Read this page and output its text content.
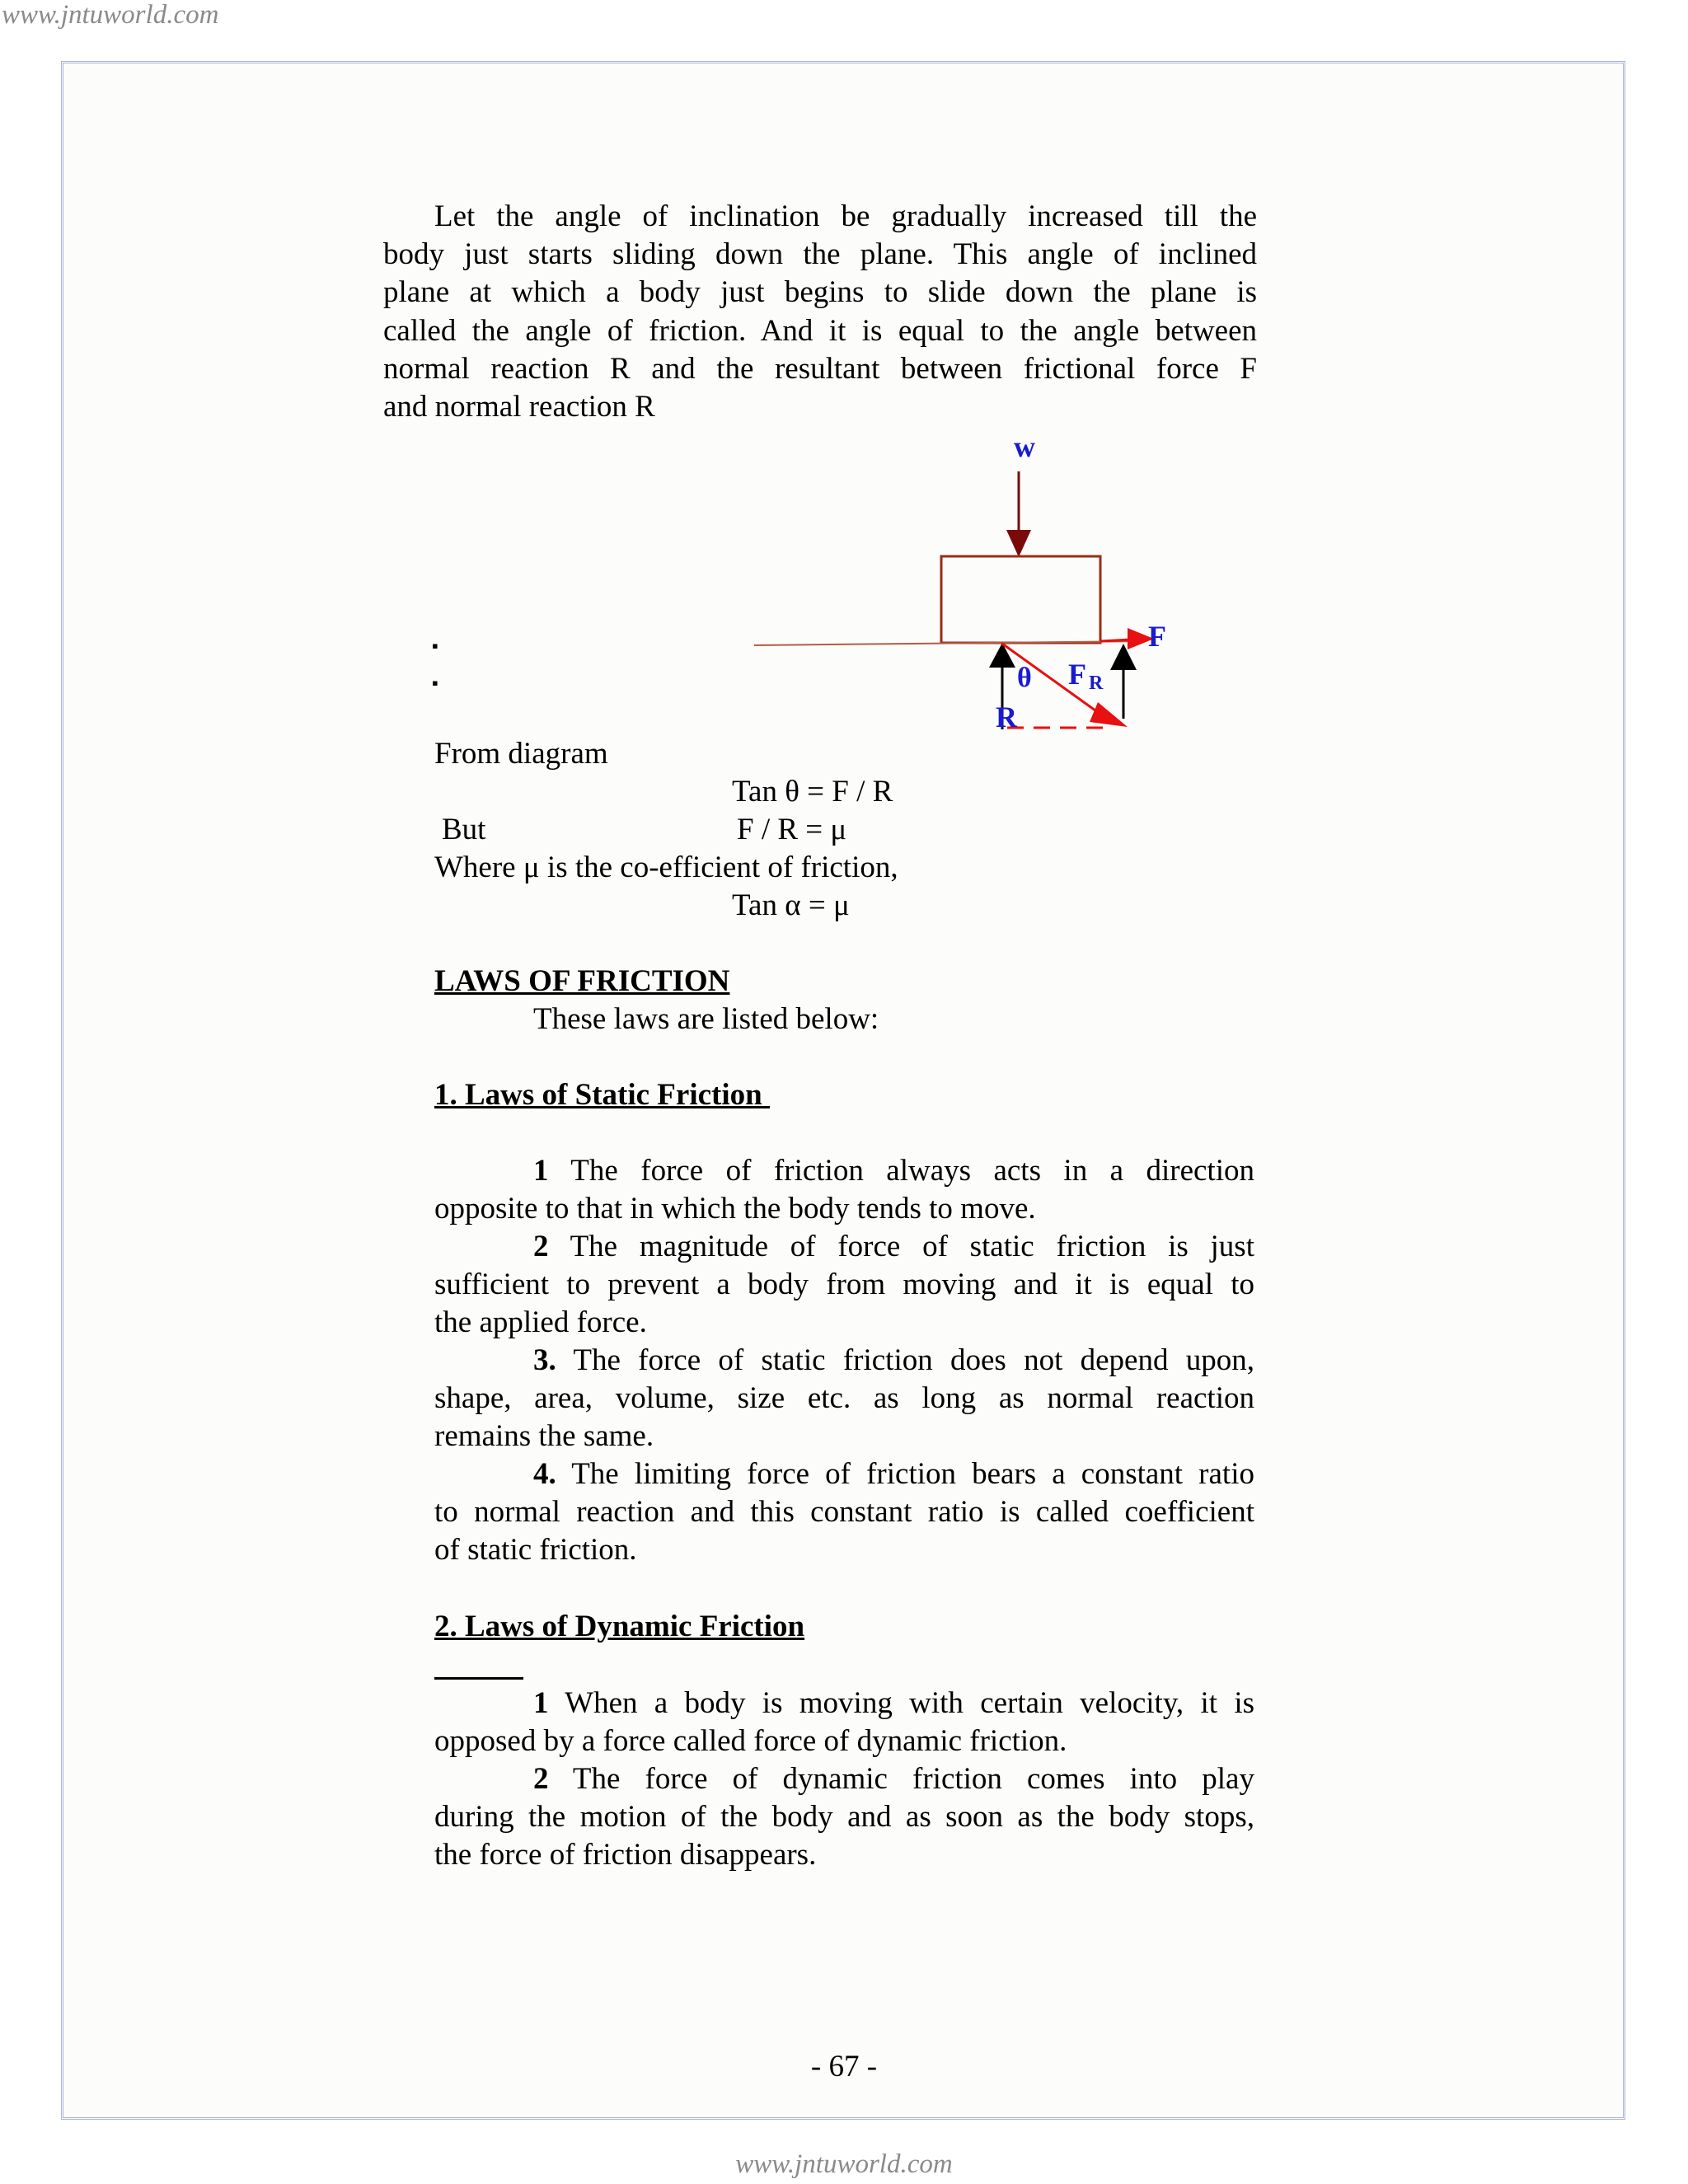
www.jntuworld.com
Let the angle of inclination be gradually increased till the
body just starts sliding down the plane. This angle of inclined
plane at which a body just begins to slide down the plane is
called the angle of friction. And it is equal to the angle between
normal reaction R and the resultant between frictional force F
and normal reaction R
w
F
θ F R
R
▪
▪
From diagram
Tan θ = F / R
But	F / R = μ
Where μ is the co-efficient of friction,
Tan α = μ
LAWS OF FRICTION
These laws are listed below:
1. Laws of Static Friction
1 The force of friction always acts in a direction
opposite to that in which the body tends to move.
2 The magnitude of force of static friction is just
sufficient to prevent a body from moving and it is equal to
the applied force.
3. The force of static friction does not depend upon,
shape, area, volume, size etc. as long as normal reaction
remains the same.
4. The limiting force of friction bears a constant ratio
to normal reaction and this constant ratio is called coefficient
of static friction.
2. Laws of Dynamic Friction
1 When a body is moving with certain velocity, it is
opposed by a force called force of dynamic friction.
2 The force of dynamic friction comes into play
during the motion of the body and as soon as the body stops,
the force of friction disappears.
- 67 -
www.jntuworld.com
